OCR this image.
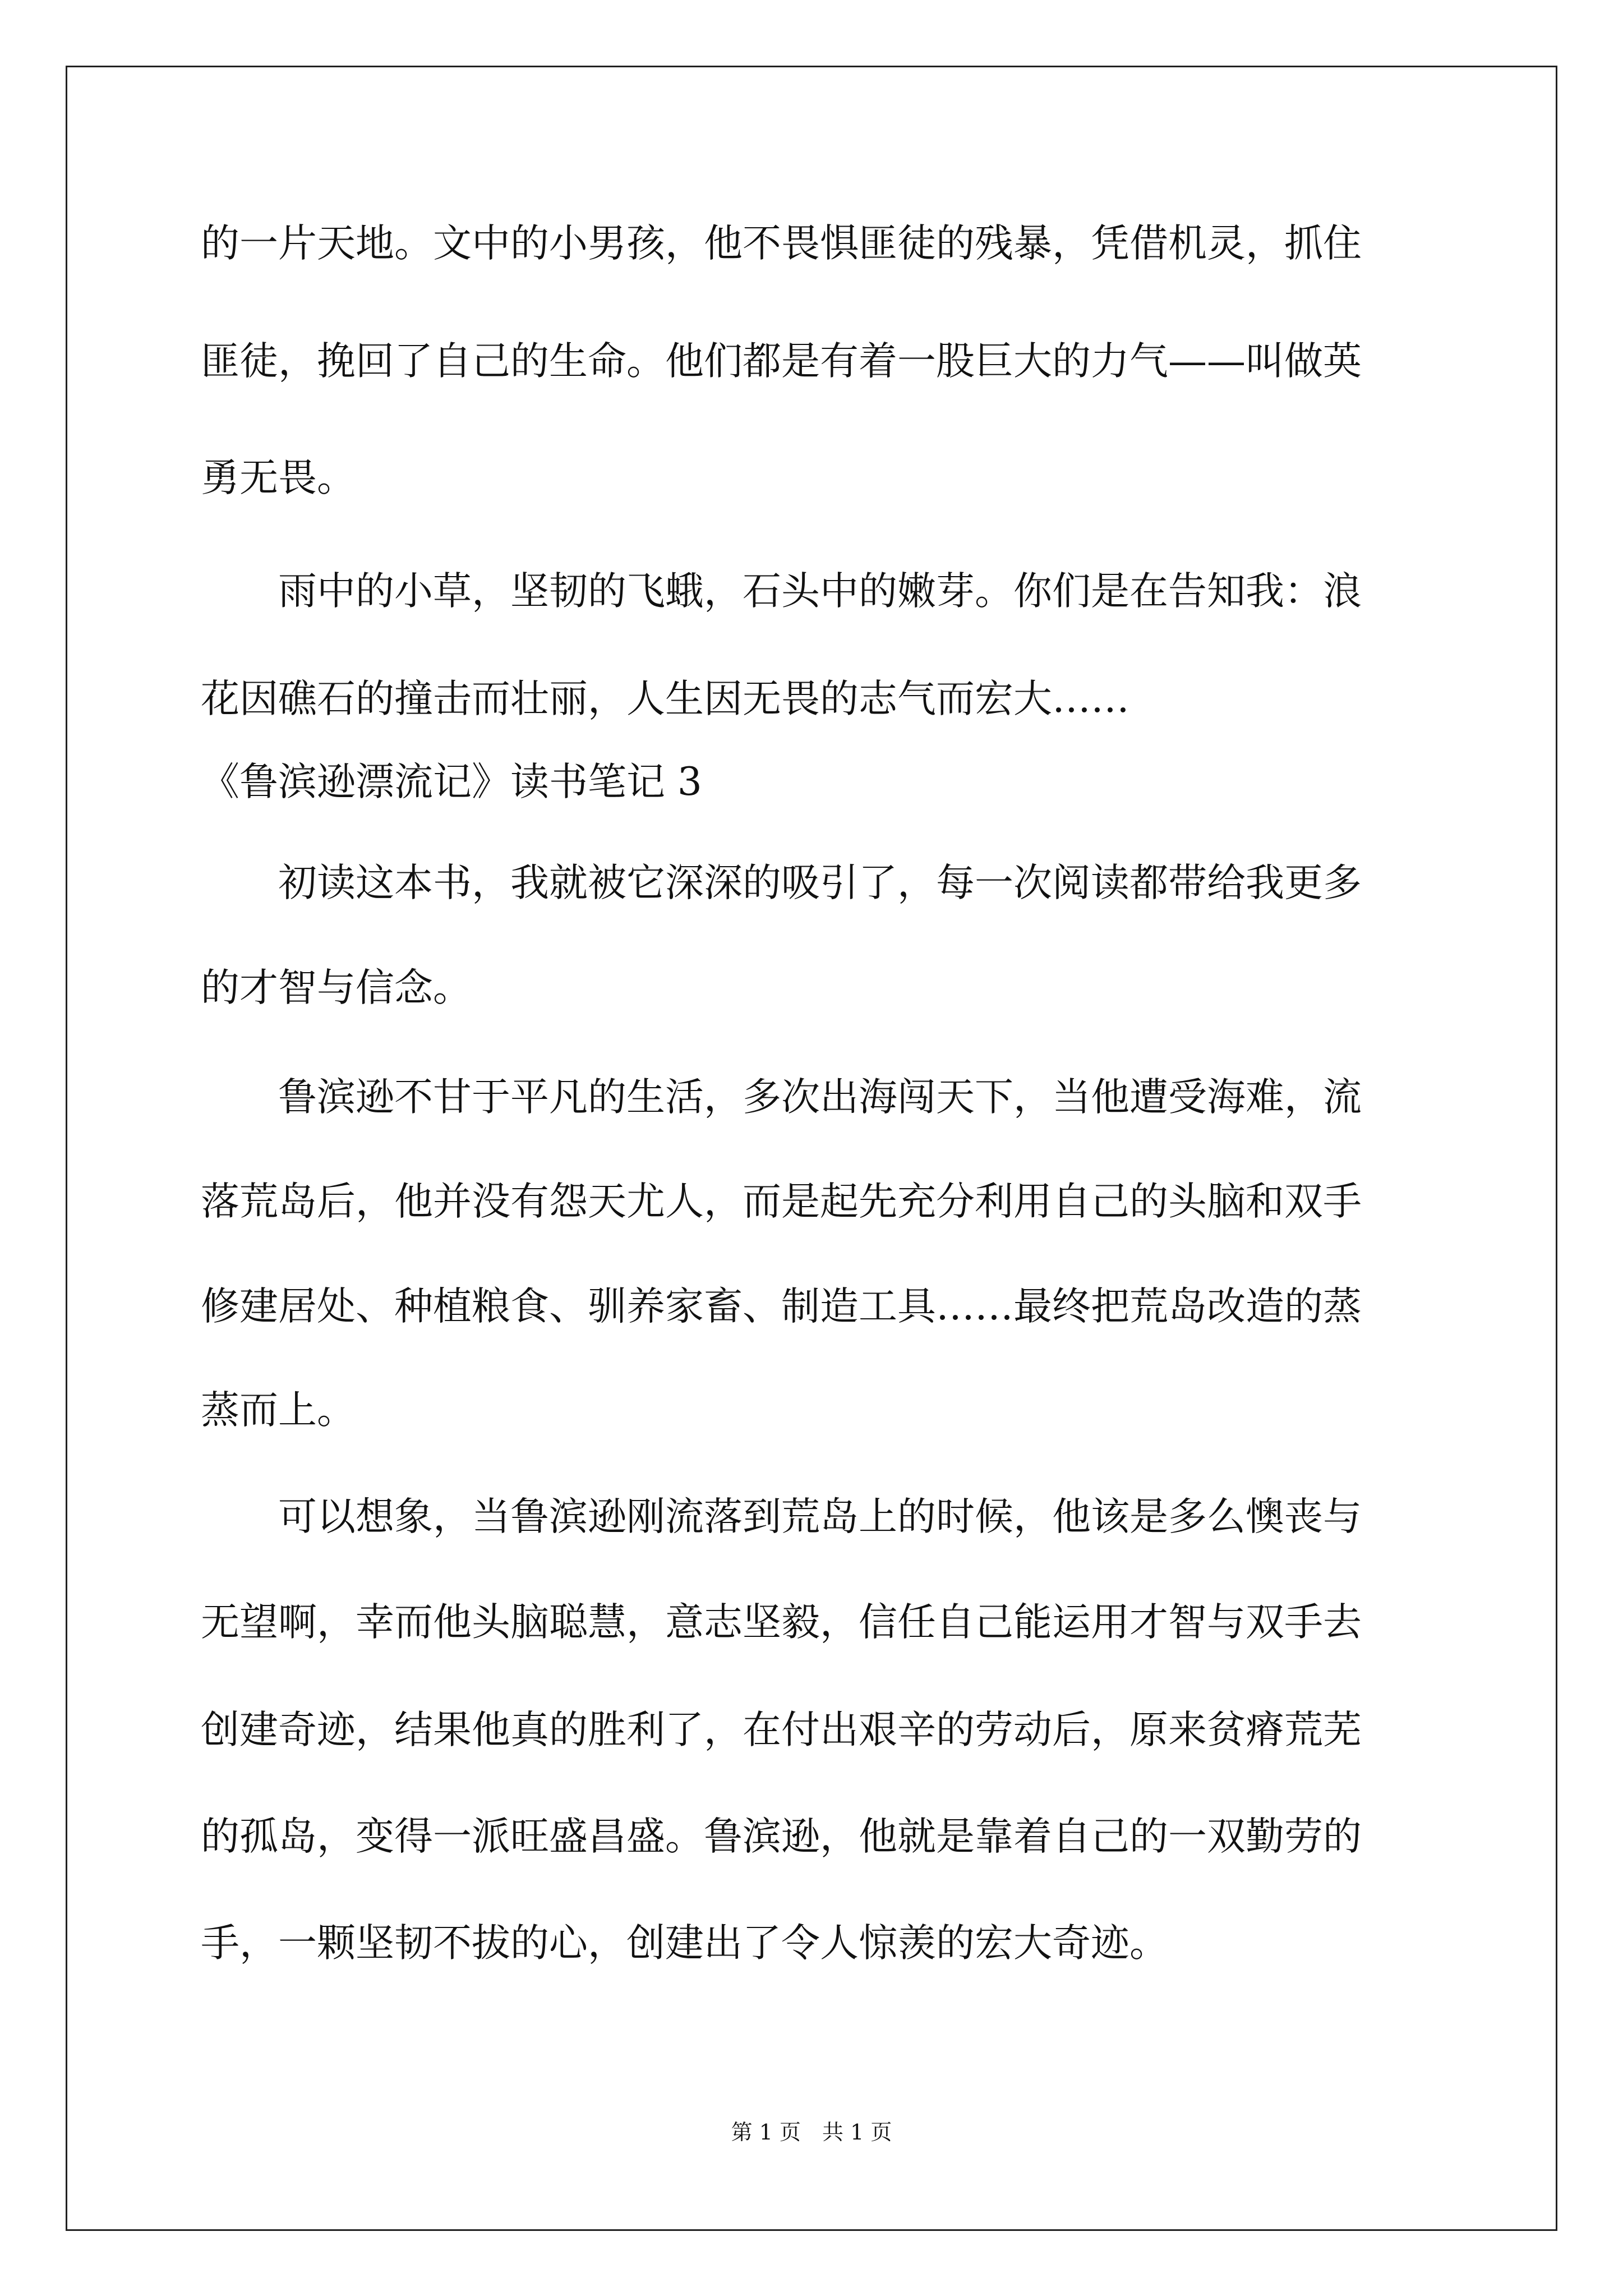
的一片天地。文中的小男孩，他不畏惧匪徒的残暴，凭借机灵，抓住
匪徒，挽回了自己的生命。他们都是有着一股巨大的力气——叫做英
勇无畏。
　　雨中的小草，坚韧的飞蛾，石头中的嫩芽。你们是在告知我：浪
花因礁石的撞击而壮丽，人生因无畏的志气而宏大……
《鲁滨逊漂流记》读书笔记 3
　　初读这本书，我就被它深深的吸引了，每一次阅读都带给我更多
的才智与信念。
　　鲁滨逊不甘于平凡的生活，多次出海闯天下，当他遭受海难，流
落荒岛后，他并没有怨天尤人，而是起先充分利用自己的头脑和双手
修建居处、种植粮食、驯养家畜、制造工具……最终把荒岛改造的蒸
蒸而上。
　　可以想象，当鲁滨逊刚流落到荒岛上的时候，他该是多么懊丧与
无望啊，幸而他头脑聪慧，意志坚毅，信任自己能运用才智与双手去
创建奇迹，结果他真的胜利了，在付出艰辛的劳动后，原来贫瘠荒芜
的孤岛，变得一派旺盛昌盛。鲁滨逊，他就是靠着自己的一双勤劳的
手，一颗坚韧不拔的心，创建出了令人惊羡的宏大奇迹。
第 1 页　共 1 页
